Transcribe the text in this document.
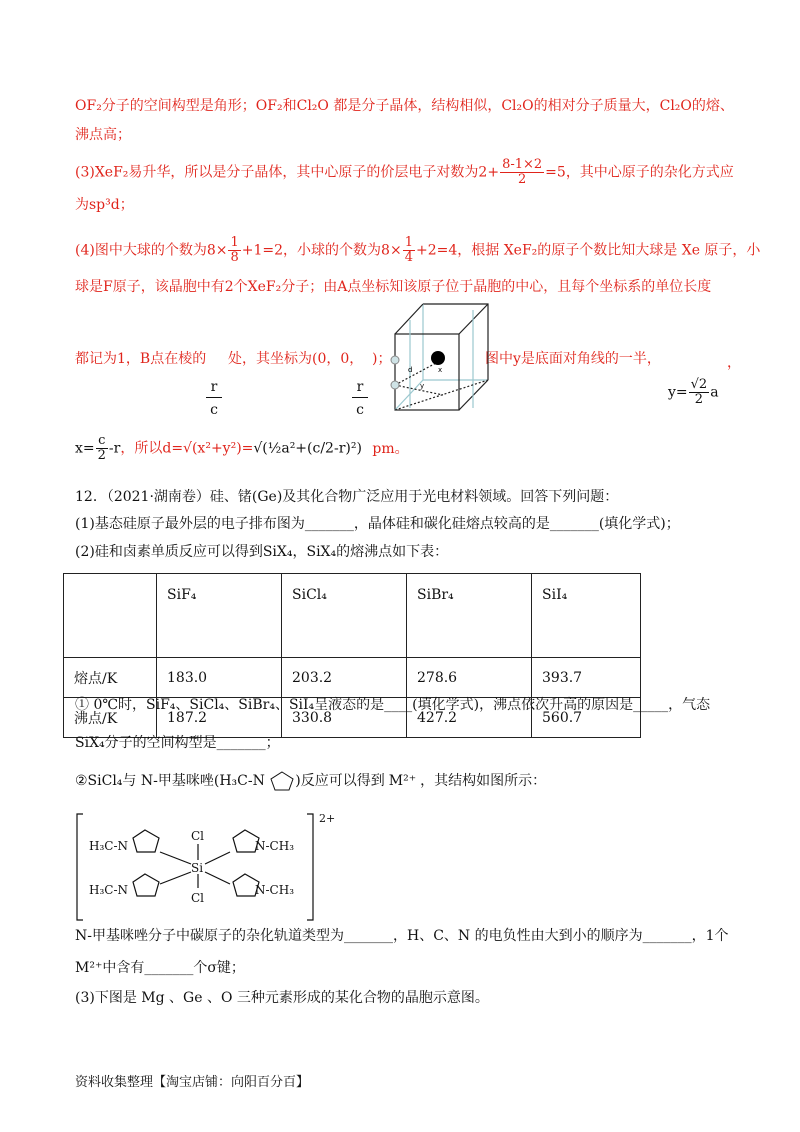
OF₂分子的空间构型是角形；OF₂和Cl₂O 都是分子晶体，结构相似，Cl₂O的相对分子质量大，Cl₂O的熔、
沸点高；
(3)XeF₂易升华，所以是分子晶体，其中心原子的价层电子对数为$2+ \frac{8-1\times 2}{2} =5$，其中心原子的杂化方式应
为sp³d；
(4)图中大球的个数为$8\times \frac{1}{8} +1=2$，小球的个数为$8\times \frac{1}{4} +2=4$，根据 XeF₂的原子个数比知大球是 Xe 原子，小
球是F原子，该晶胞中有2个XeF₂分子；由A点坐标知该原子位于晶胞的中心，且每个坐标系的单位长度
都记为1，B点在棱的 处，其坐标为(0，0， )；	图中y是底面对角线的一半，	，
r
c
r
c
$y= \frac{√2}{2}$ a
$x= \frac{c}{2} -r$，所以d=√(x²+y²)=√(½a²+(c/2-r)²) pm。
d	x
y
12．（2021·湖南卷）硅、锗(Ge)及其化合物广泛应用于光电材料领域。回答下列问题：
(1)基态硅原子最外层的电子排布图为_______，晶体硅和碳化硅熔点较高的是_______(填化学式)；
(2)硅和卤素单质反应可以得到SiX₄，SiX₄的熔沸点如下表：
	SiF₄	SiCl₄	SiBr₄	SiI₄
熔点/K	183.0	203.2	278.6	393.7
沸点/K	187.2	330.8	427.2	560.7
① 0℃时，SiF₄、SiCl₄、SiBr₄、SiI₄呈液态的是____(填化学式)，沸点依次升高的原因是_____，气态
SiX₄分子的空间构型是_______；
②SiCl₄与 N-甲基咪唑(H₃C-N )反应可以得到 M²⁺ ，其结构如图所示：
2+
Cl
Si
Cl
H₃C-N
H₃C-N
N-CH₃
N-CH₃
N-甲基咪唑分子中碳原子的杂化轨道类型为_______，H、C、N 的电负性由大到小的顺序为_______，1个
M²⁺中含有_______个σ键；
(3)下图是 Mg 、Ge 、O 三种元素形成的某化合物的晶胞示意图。
资料收集整理【淘宝店铺：向阳百分百】
